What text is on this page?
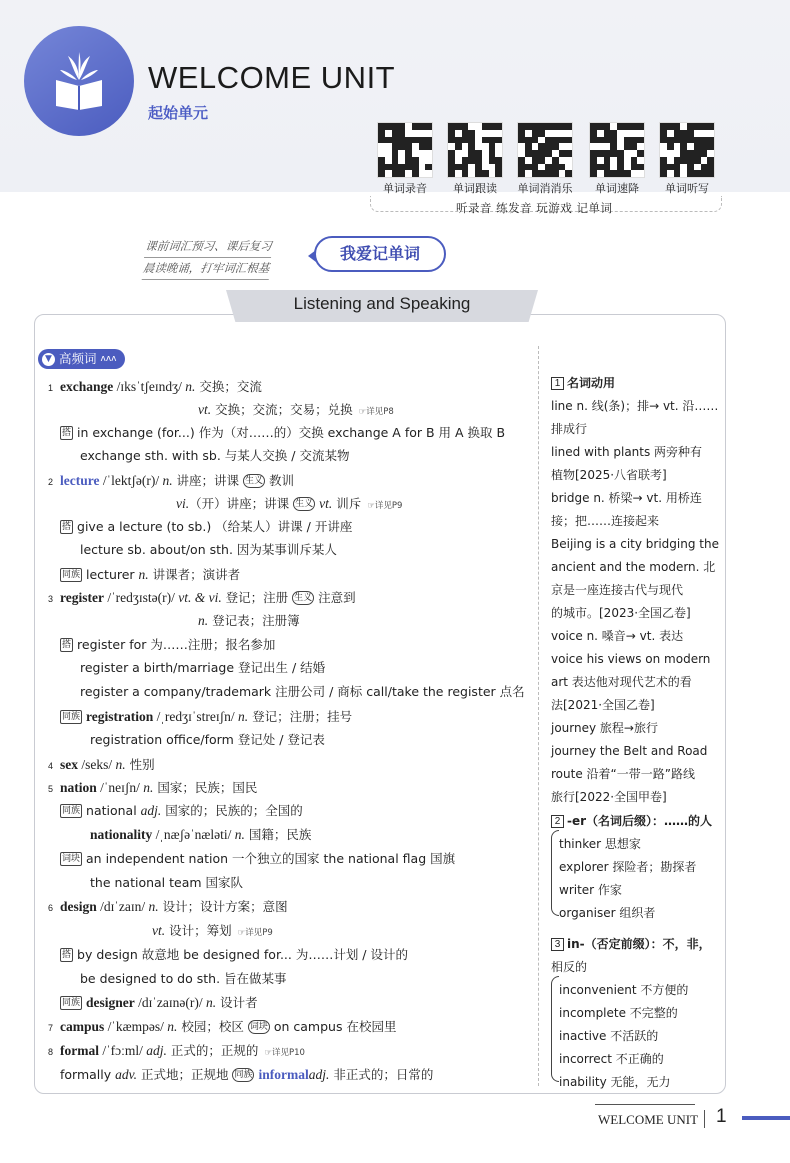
WELCOME UNIT
起始单元
单词录音	单词跟读	单词消消乐	单词速降	单词听写
听录音 练发音 玩游戏 记单词
课前词汇预习、课后复习
晨读晚诵，打牢词汇根基
我爱记单词
Listening and Speaking
▼ 高频词 ʌʌʌ
1 exchange /ɪksˈtʃeɪndʒ/ n. 交换；交流
vt. 交换；交流；交易；兑换 ☞详见P8
搭 in exchange (for...) 作为（对……的）交换 exchange A for B 用 A 换取 B
exchange sth. with sb. 与某人交换 / 交流某物
2 lecture /ˈlektʃə(r)/ n. 讲座；讲课 生义 教训
vi.（开）讲座；讲课 生义 vt. 训斥 ☞详见P9
搭 give a lecture (to sb.) （给某人）讲课 / 开讲座
lecture sb. about/on sth. 因为某事训斥某人
同族 lecturer n. 讲课者；演讲者
3 register /ˈredʒɪstə(r)/ vt. & vi. 登记；注册 生义 注意到
n. 登记表；注册簿
搭 register for 为……注册；报名参加
register a birth/marriage 登记出生 / 结婚
register a company/trademark 注册公司 / 商标 call/take the register 点名
同族 registration /ˌredʒɪˈstreɪʃn/ n. 登记；注册；挂号
registration office/form 登记处 / 登记表
4 sex /seks/ n. 性别
5 nation /ˈneɪʃn/ n. 国家；民族；国民
同族 national adj. 国家的；民族的；全国的
nationality /ˌnæʃəˈnæləti/ n. 国籍；民族
词块 an independent nation 一个独立的国家 the national flag 国旗
the national team 国家队
6 design /dɪˈzaɪn/ n. 设计；设计方案；意图
vt. 设计；筹划 ☞详见P9
搭 by design 故意地 be designed for... 为……计划 / 设计的
be designed to do sth. 旨在做某事
同族 designer /dɪˈzaɪnə(r)/ n. 设计者
7 campus /ˈkæmpəs/ n. 校园；校区 词块 on campus 在校园里
8 formal /ˈfɔːml/ adj. 正式的；正规的 ☞详见P10
formally adv. 正式地；正规地 同族 informaladj. 非正式的；日常的
1 名词动用
line n. 线(条)；排→ vt. 沿……
排成行
lined with plants 两旁种有
植物[2025·八省联考]
bridge n. 桥梁→ vt. 用桥连
接；把……连接起来
Beijing is a city bridging the
ancient and the modern. 北
京是一座连接古代与现代
的城市。[2023·全国乙卷]
voice n. 嗓音→ vt. 表达
voice his views on modern
art 表达他对现代艺术的看
法[2021·全国乙卷]
journey 旅程→旅行
journey the Belt and Road
route 沿着“一带一路”路线
旅行[2022·全国甲卷]
2 -er（名词后缀）：……的人
thinker 思想家
explorer 探险者；勘探者
writer 作家
organiser 组织者
3 in-（否定前缀）：不，非，
相反的
inconvenient 不方便的
incomplete 不完整的
inactive 不活跃的
incorrect 不正确的
inability 无能，无力
WELCOME UNIT 1
